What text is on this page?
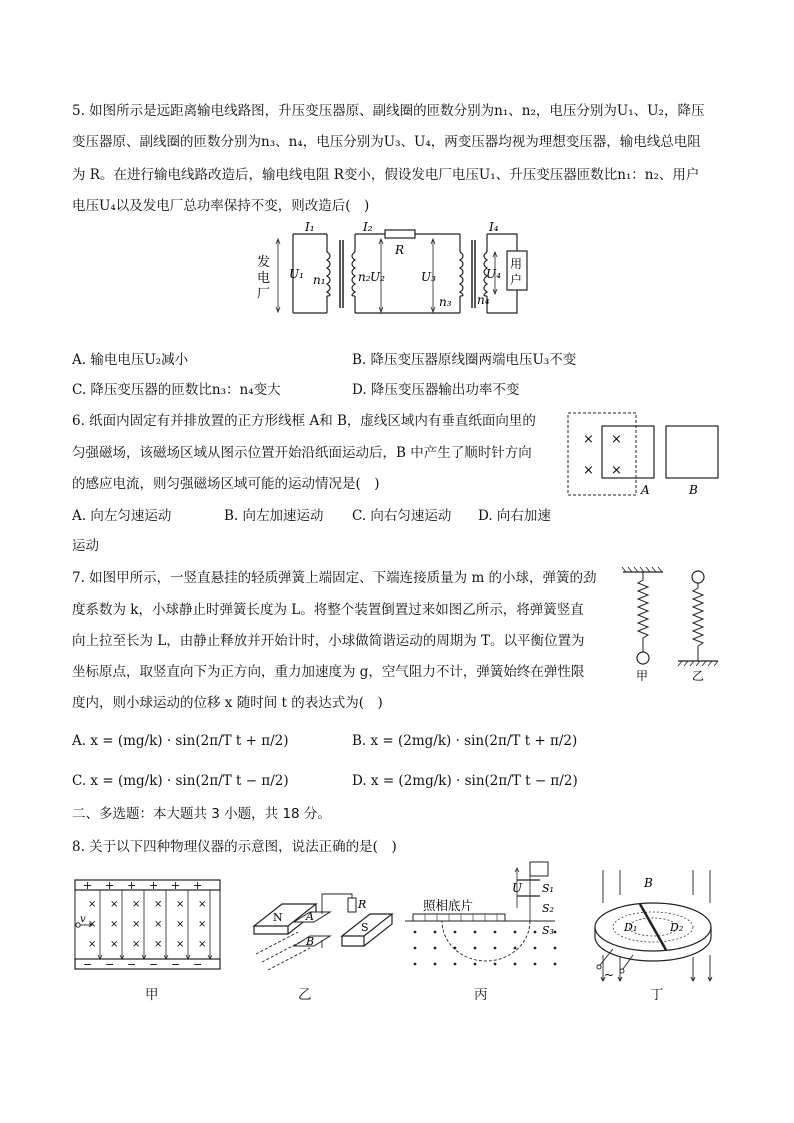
5. 如图所示是远距离输电线路图，升压变压器原、副线圈的匝数分别为n₁、n₂，电压分别为U₁、U₂，降压
变压器原、副线圈的匝数分别为n₃、n₄，电压分别为U₃、U₄，两变压器均视为理想变压器，输电线总电阻
为 R。在进行输电线路改造后，输电线电阻 R变小，假设发电厂电压U₁、升压变压器匝数比n₁：n₂、用户
电压U₄以及发电厂总功率保持不变，则改造后(　)
发
电
厂
I₁
U₁ n₁
I₂
R
n₂ U₂	U₃
n₃
用
户
I₄
U₄
n₄
A. 输电电压U₂减小	B. 降压变压器原线圈两端电压U₃不变
C. 降压变压器的匝数比n₃：n₄变大	D. 降压变压器输出功率不变
6. 纸面内固定有并排放置的正方形线框 A和 B，虚线区域内有垂直纸面向里的
匀强磁场，该磁场区域从图示位置开始沿纸面运动后，B 中产生了顺时针方向
的感应电流，则匀强磁场区域可能的运动情况是(　)
× ×
× ×
A	B
A. 向左匀速运动	B. 向左加速运动 C. 向右匀速运动 D. 向右加速
运动
7. 如图甲所示，一竖直悬挂的轻质弹簧上端固定、下端连接质量为 m 的小球，弹簧的劲
度系数为 k，小球静止时弹簧长度为 L。将整个装置倒置过来如图乙所示，将弹簧竖直
向上拉至长为 L，由静止释放并开始计时，小球做简谐运动的周期为 T。以平衡位置为
坐标原点，取竖直向下为正方向，重力加速度为 g，空气阻力不计，弹簧始终在弹性限
度内，则小球运动的位移 x 随时间 t 的表达式为(　)
甲	乙
A. x = (mg/k) · sin(2π/T t + π/2)	B. x = (2mg/k) · sin(2π/T t + π/2)
C. x = (mg/k) · sin(2π/T t − π/2)	D. x = (2mg/k) · sin(2π/T t − π/2)
二、多选题：本大题共 3 小题，共 18 分。
8. 关于以下四种物理仪器的示意图，说法正确的是(　)
+ + + + + +
− − − − − −
× × × × × ×
× × × × × ×
× × × × × ×
v
甲
N A
B
S
R
乙
照相底片
U S₁
S₂
S₃
丙
B
D₁	D₂
~
丁
